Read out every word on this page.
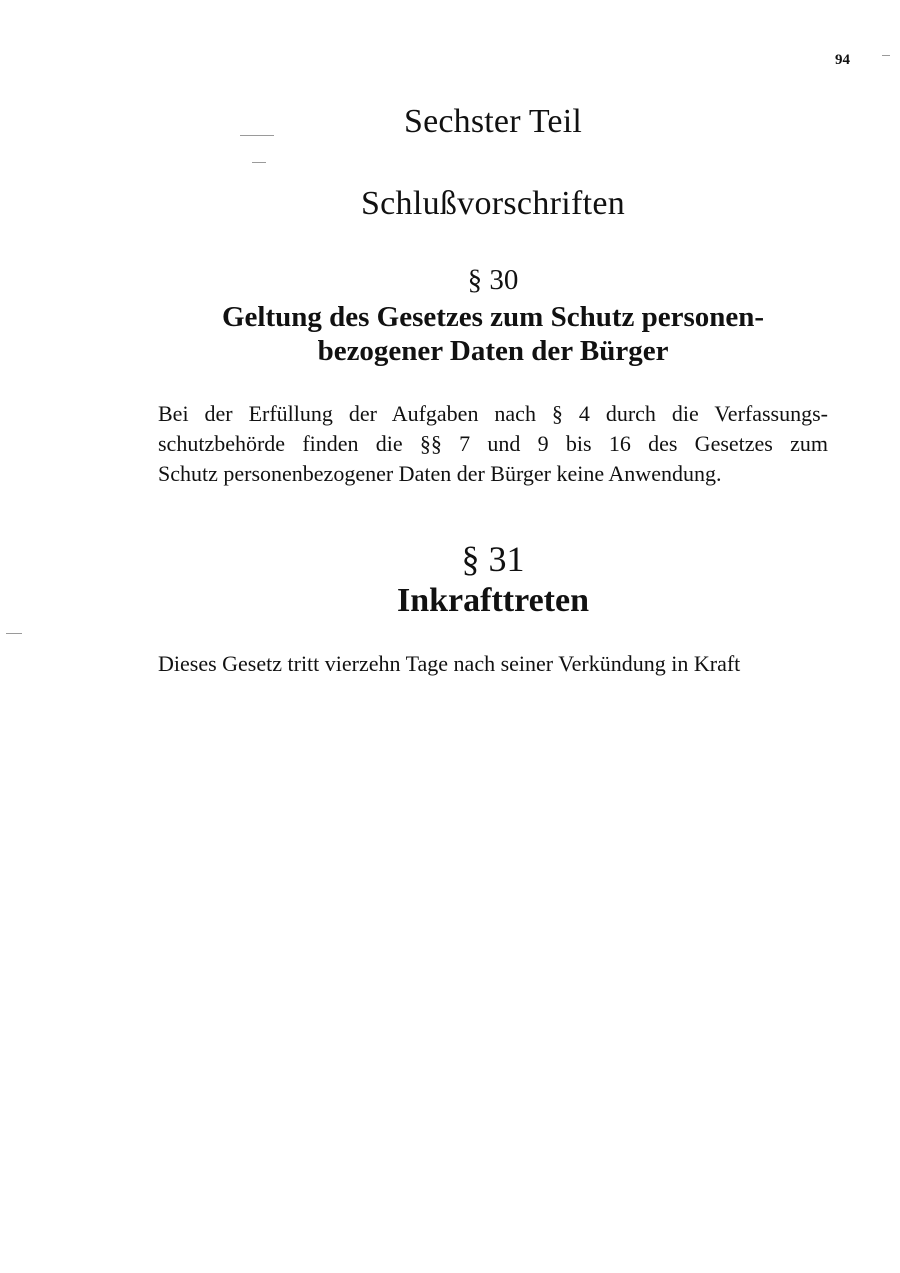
94
Sechster Teil
Schlußvorschriften
§ 30
Geltung des Gesetzes zum Schutz personen-
bezogener Daten der Bürger
Bei der Erfüllung der Aufgaben nach § 4 durch die Verfassungs-
schutzbehörde finden die §§ 7 und 9 bis 16 des Gesetzes zum
Schutz personenbezogener Daten der Bürger keine Anwendung.
§ 31
Inkrafttreten
Dieses Gesetz tritt vierzehn Tage nach seiner Verkündung in Kraft
